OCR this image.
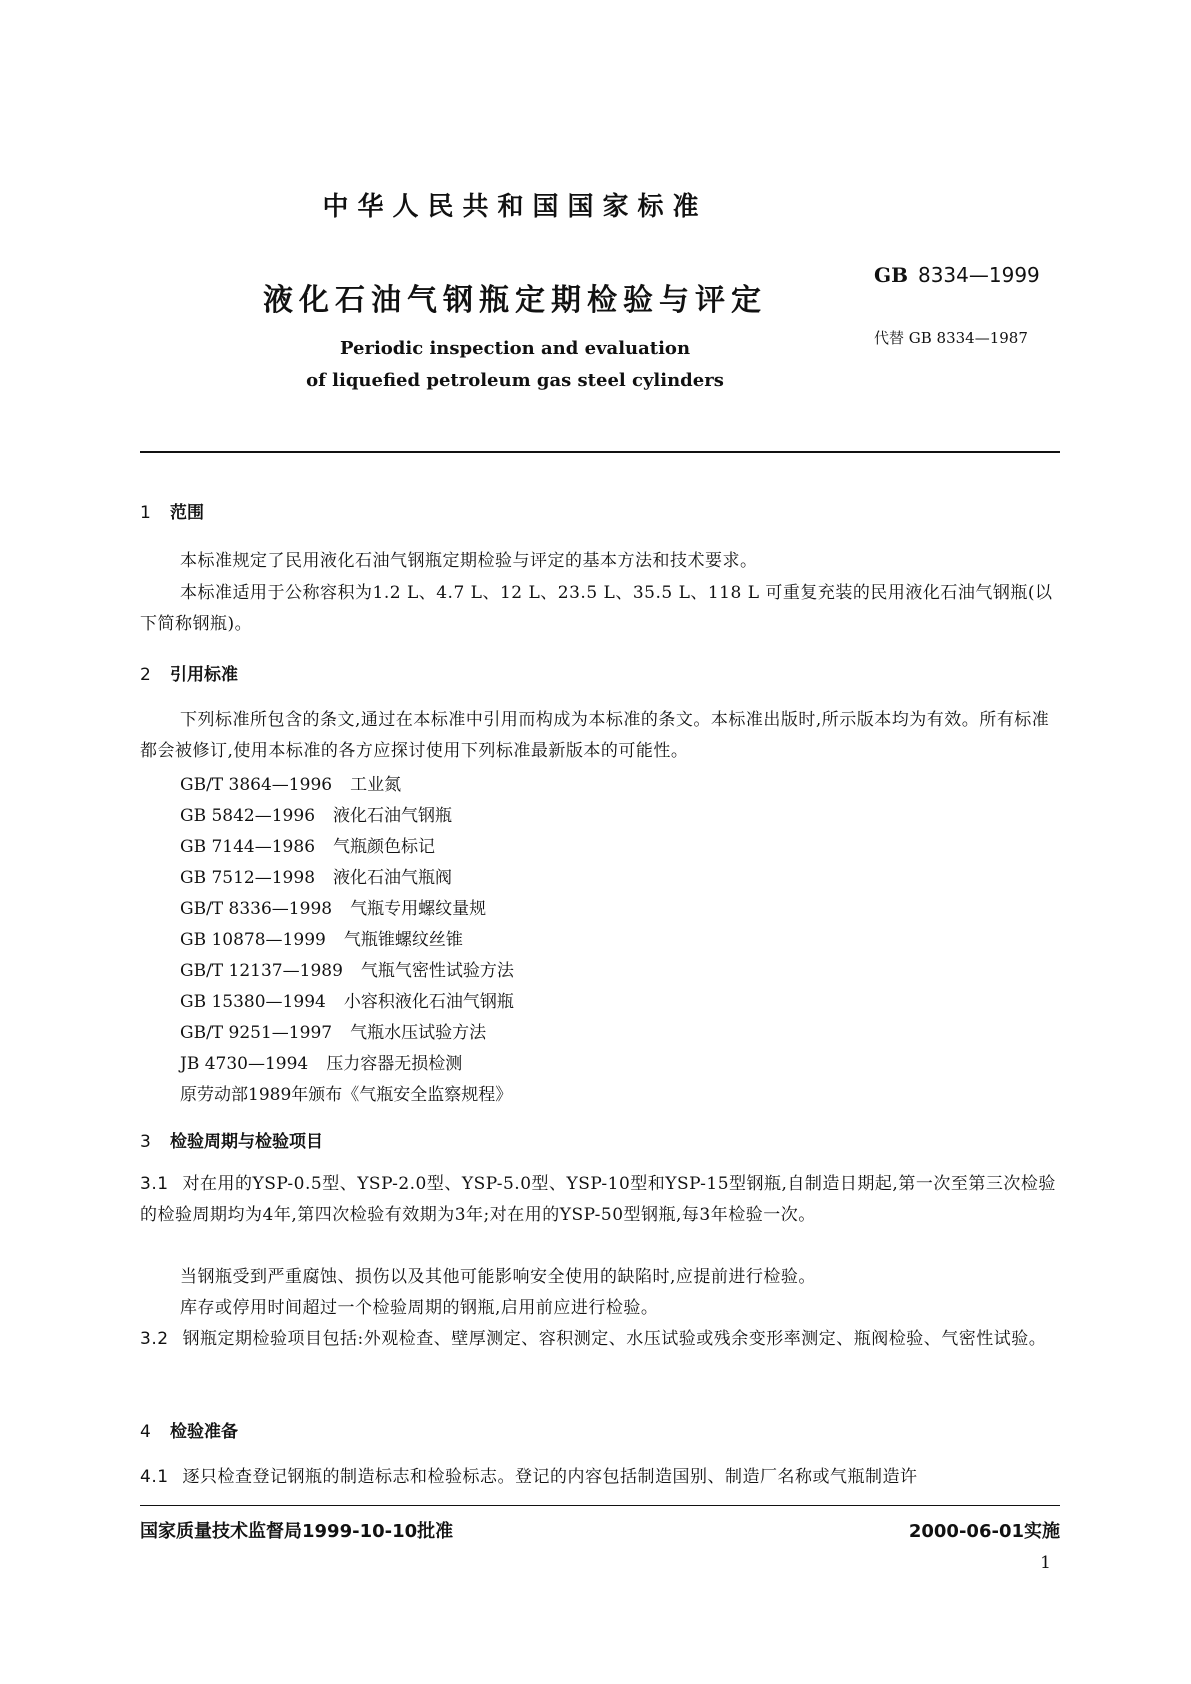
中华人民共和国国家标准
液化石油气钢瓶定期检验与评定
Periodic inspection and evaluation
of liquefied petroleum gas steel cylinders
GB 8334—1999
代替 GB 8334—1987
1 范围
本标准规定了民用液化石油气钢瓶定期检验与评定的基本方法和技术要求。
本标准适用于公称容积为1.2 L、4.7 L、12 L、23.5 L、35.5 L、118 L 可重复充装的民用液化石油气钢瓶(以下简称钢瓶)。
2 引用标准
下列标准所包含的条文,通过在本标准中引用而构成为本标准的条文。本标准出版时,所示版本均为有效。所有标准都会被修订,使用本标准的各方应探讨使用下列标准最新版本的可能性。
GB/T 3864—1996 工业氮
GB 5842—1996 液化石油气钢瓶
GB 7144—1986 气瓶颜色标记
GB 7512—1998 液化石油气瓶阀
GB/T 8336—1998 气瓶专用螺纹量规
GB 10878—1999 气瓶锥螺纹丝锥
GB/T 12137—1989 气瓶气密性试验方法
GB 15380—1994 小容积液化石油气钢瓶
GB/T 9251—1997 气瓶水压试验方法
JB 4730—1994 压力容器无损检测
原劳动部1989年颁布《气瓶安全监察规程》
3 检验周期与检验项目
3.1 对在用的YSP-0.5型、YSP-2.0型、YSP-5.0型、YSP-10型和YSP-15型钢瓶,自制造日期起,第一次至第三次检验的检验周期均为4年,第四次检验有效期为3年;对在用的YSP-50型钢瓶,每3年检验一次。
当钢瓶受到严重腐蚀、损伤以及其他可能影响安全使用的缺陷时,应提前进行检验。
库存或停用时间超过一个检验周期的钢瓶,启用前应进行检验。
3.2 钢瓶定期检验项目包括:外观检查、壁厚测定、容积测定、水压试验或残余变形率测定、瓶阀检验、气密性试验。
4 检验准备
4.1 逐只检查登记钢瓶的制造标志和检验标志。登记的内容包括制造国别、制造厂名称或气瓶制造许
国家质量技术监督局1999-10-10批准	2000-06-01实施
1
